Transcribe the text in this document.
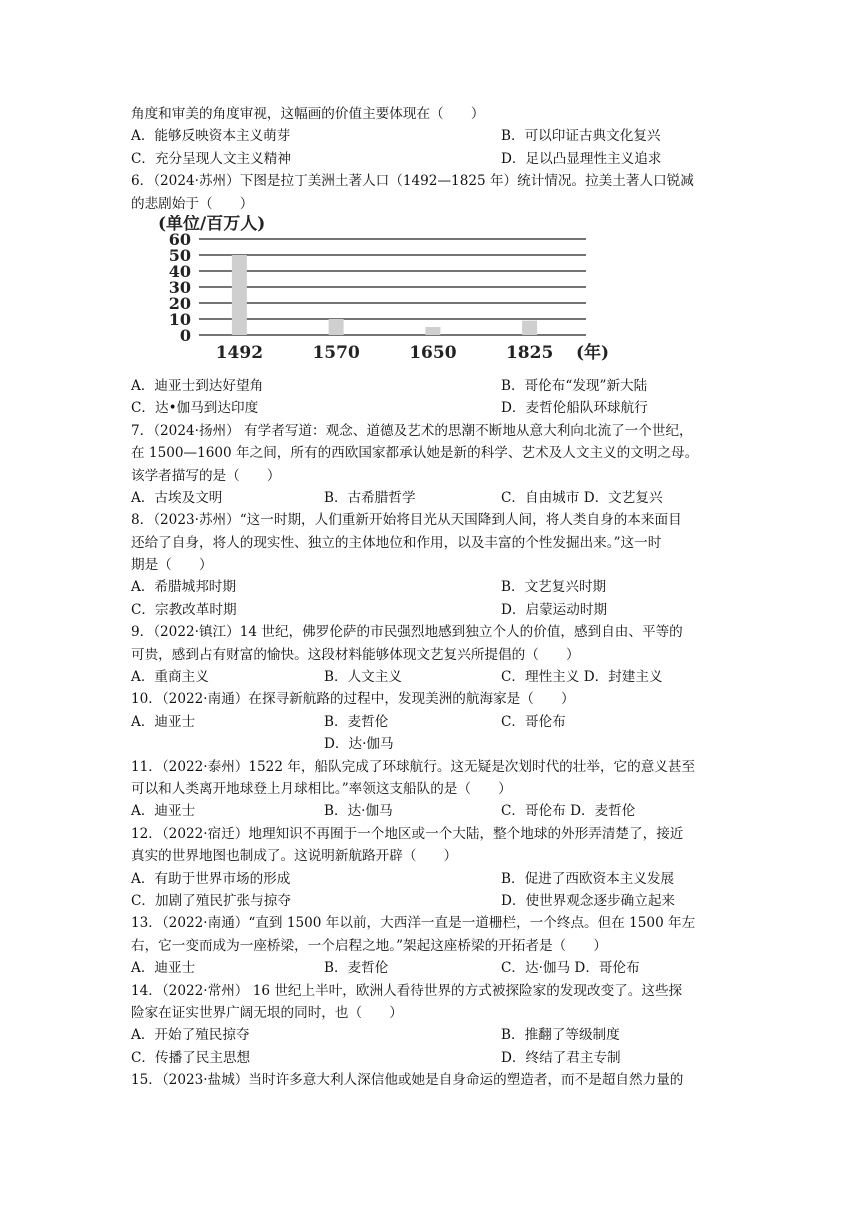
角度和审美的角度审视，这幅画的价值主要体现在（　　）
A．能够反映资本主义萌芽	B．可以印证古典文化复兴
C．充分呈现人文主义精神	D．足以凸显理性主义追求
6．（2024·苏州）下图是拉丁美洲土著人口（1492—1825 年）统计情况。拉美土著人口锐减
的悲剧始于（　　）
(单位/百万人)
0
10
20
30
40
50
60
1492	1570	1650	1825 (年)
A．迪亚士到达好望角	B．哥伦布“发现”新大陆
C．达•伽马到达印度	D．麦哲伦船队环球航行
7．（2024·扬州） 有学者写道：观念、道德及艺术的思潮不断地从意大利向北流了一个世纪，
在 1500—1600 年之间，所有的西欧国家都承认她是新的科学、艺术及人文主义的文明之母。
该学者描写的是（　　）
A．古埃及文明	B．古希腊哲学	C．自由城市 D．文艺复兴
8．（2023·苏州）“这一时期，人们重新开始将目光从天国降到人间，将人类自身的本来面目
还给了自身，将人的现实性、独立的主体地位和作用，以及丰富的个性发掘出来。”这一时
期是（　　）
A．希腊城邦时期	B．文艺复兴时期
C．宗教改革时期	D．启蒙运动时期
9．（2022·镇江）14 世纪，佛罗伦萨的市民强烈地感到独立个人的价值，感到自由、平等的
可贵，感到占有财富的愉快。这段材料能够体现文艺复兴所提倡的（　　）
A．重商主义	B．人文主义	C．理性主义 D．封建主义
10．（2022·南通）在探寻新航路的过程中，发现美洲的航海家是（　　）
A．迪亚士	B．麦哲伦	C．哥伦布
D．达·伽马
11．（2022·泰州）1522 年，船队完成了环球航行。这无疑是次划时代的壮举，它的意义甚至
可以和人类离开地球登上月球相比。”率领这支船队的是（　　）
A．迪亚士	B．达·伽马	C．哥伦布 D．麦哲伦
12．（2022·宿迁）地理知识不再囿于一个地区或一个大陆，整个地球的外形弄清楚了，接近
真实的世界地图也制成了。这说明新航路开辟（　　）
A．有助于世界市场的形成	B．促进了西欧资本主义发展
C．加剧了殖民扩张与掠夺	D．使世界观念逐步确立起来
13．（2022·南通）“直到 1500 年以前，大西洋一直是一道栅栏，一个终点。但在 1500 年左
右，它一变而成为一座桥梁，一个启程之地。”架起这座桥梁的开拓者是（　　）
A．迪亚士	B．麦哲伦	C．达·伽马 D．哥伦布
14．（2022·常州） 16 世纪上半叶，欧洲人看待世界的方式被探险家的发现改变了。这些探
险家在证实世界广阔无垠的同时，也（　　）
A．开始了殖民掠夺	B．推翻了等级制度
C．传播了民主思想	D．终结了君主专制
15．（2023·盐城）当时许多意大利人深信他或她是自身命运的塑造者，而不是超自然力量的
